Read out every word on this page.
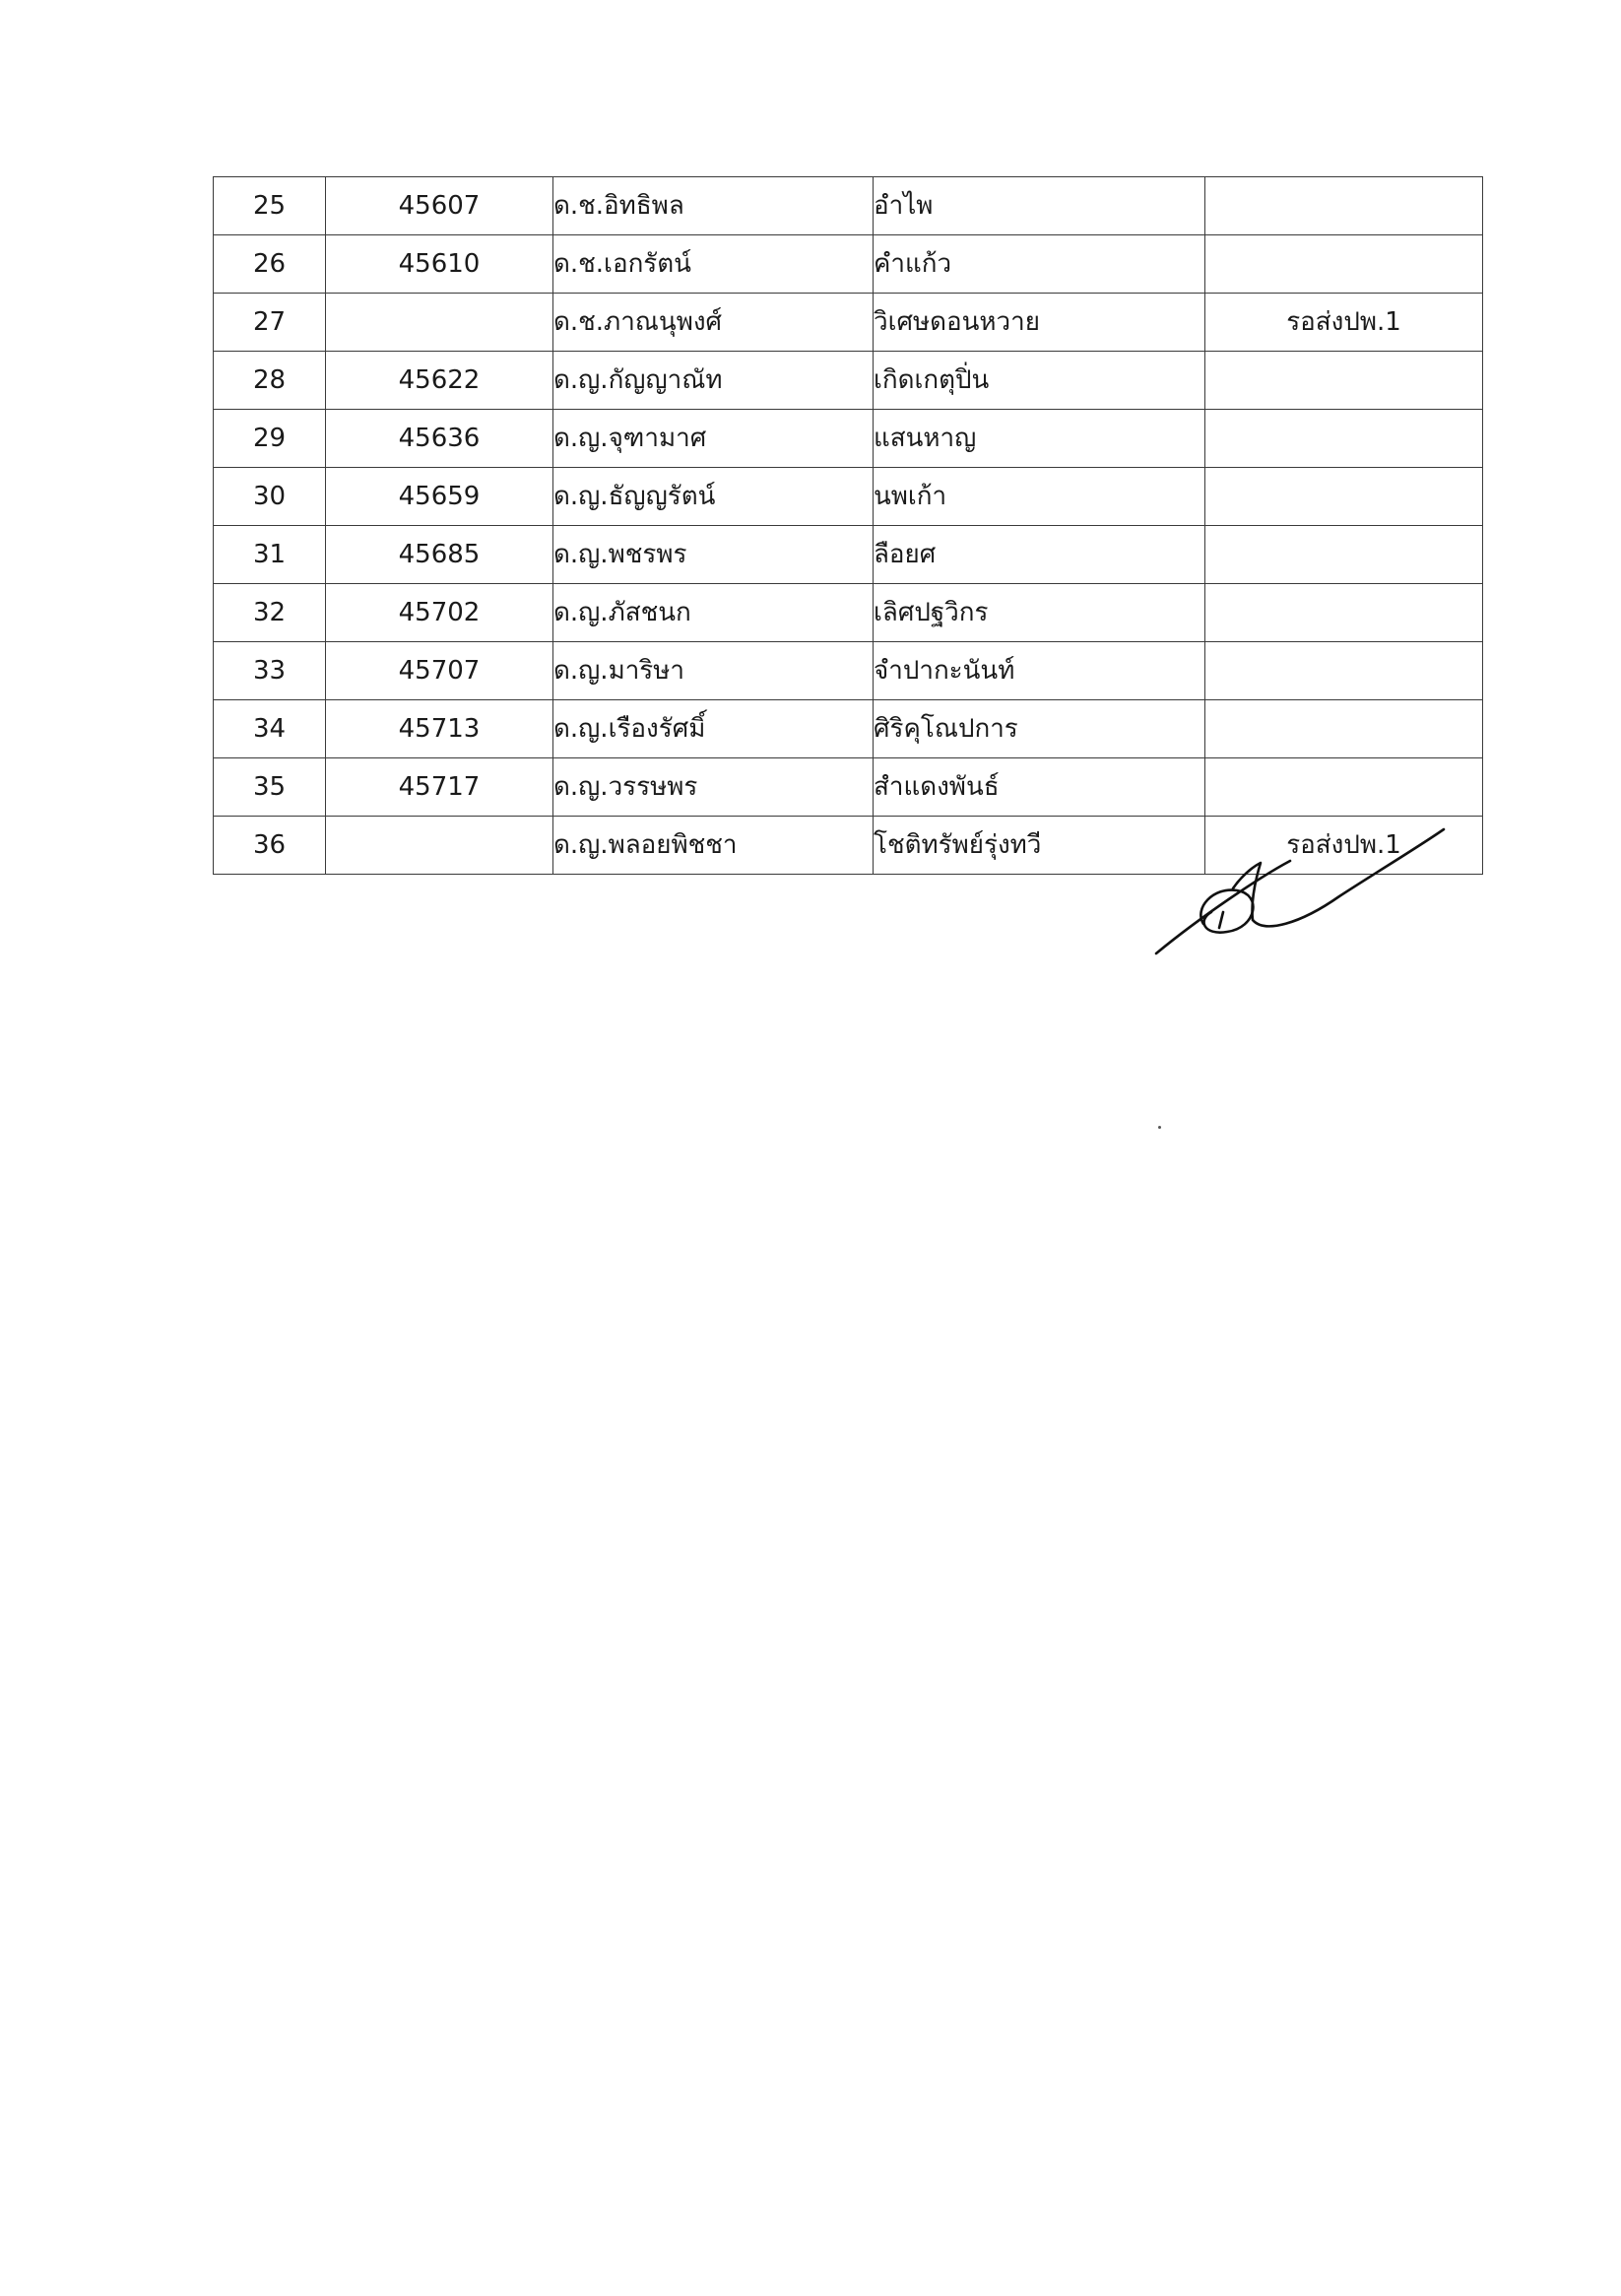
25	45607	ด.ช.อิทธิพล	อำไพ	
26	45610	ด.ช.เอกรัตน์	คำแก้ว	
27		ด.ช.ภาณนุพงศ์	วิเศษดอนหวาย	รอส่งปพ.1
28	45622	ด.ญ.กัญญาณัท	เกิดเกตุปิ่น	
29	45636	ด.ญ.จุฑามาศ	แสนหาญ	
30	45659	ด.ญ.ธัญญรัตน์	นพเก้า	
31	45685	ด.ญ.พชรพร	ลือยศ	
32	45702	ด.ญ.ภัสชนก	เลิศปฐวิกร	
33	45707	ด.ญ.มาริษา	จำปากะนันท์	
34	45713	ด.ญ.เรืองรัศมิ์	ศิริคุโณปการ	
35	45717	ด.ญ.วรรษพร	สำแดงพันธ์	
36		ด.ญ.พลอยพิชชา	โชติทรัพย์รุ่งทวี	รอส่งปพ.1
